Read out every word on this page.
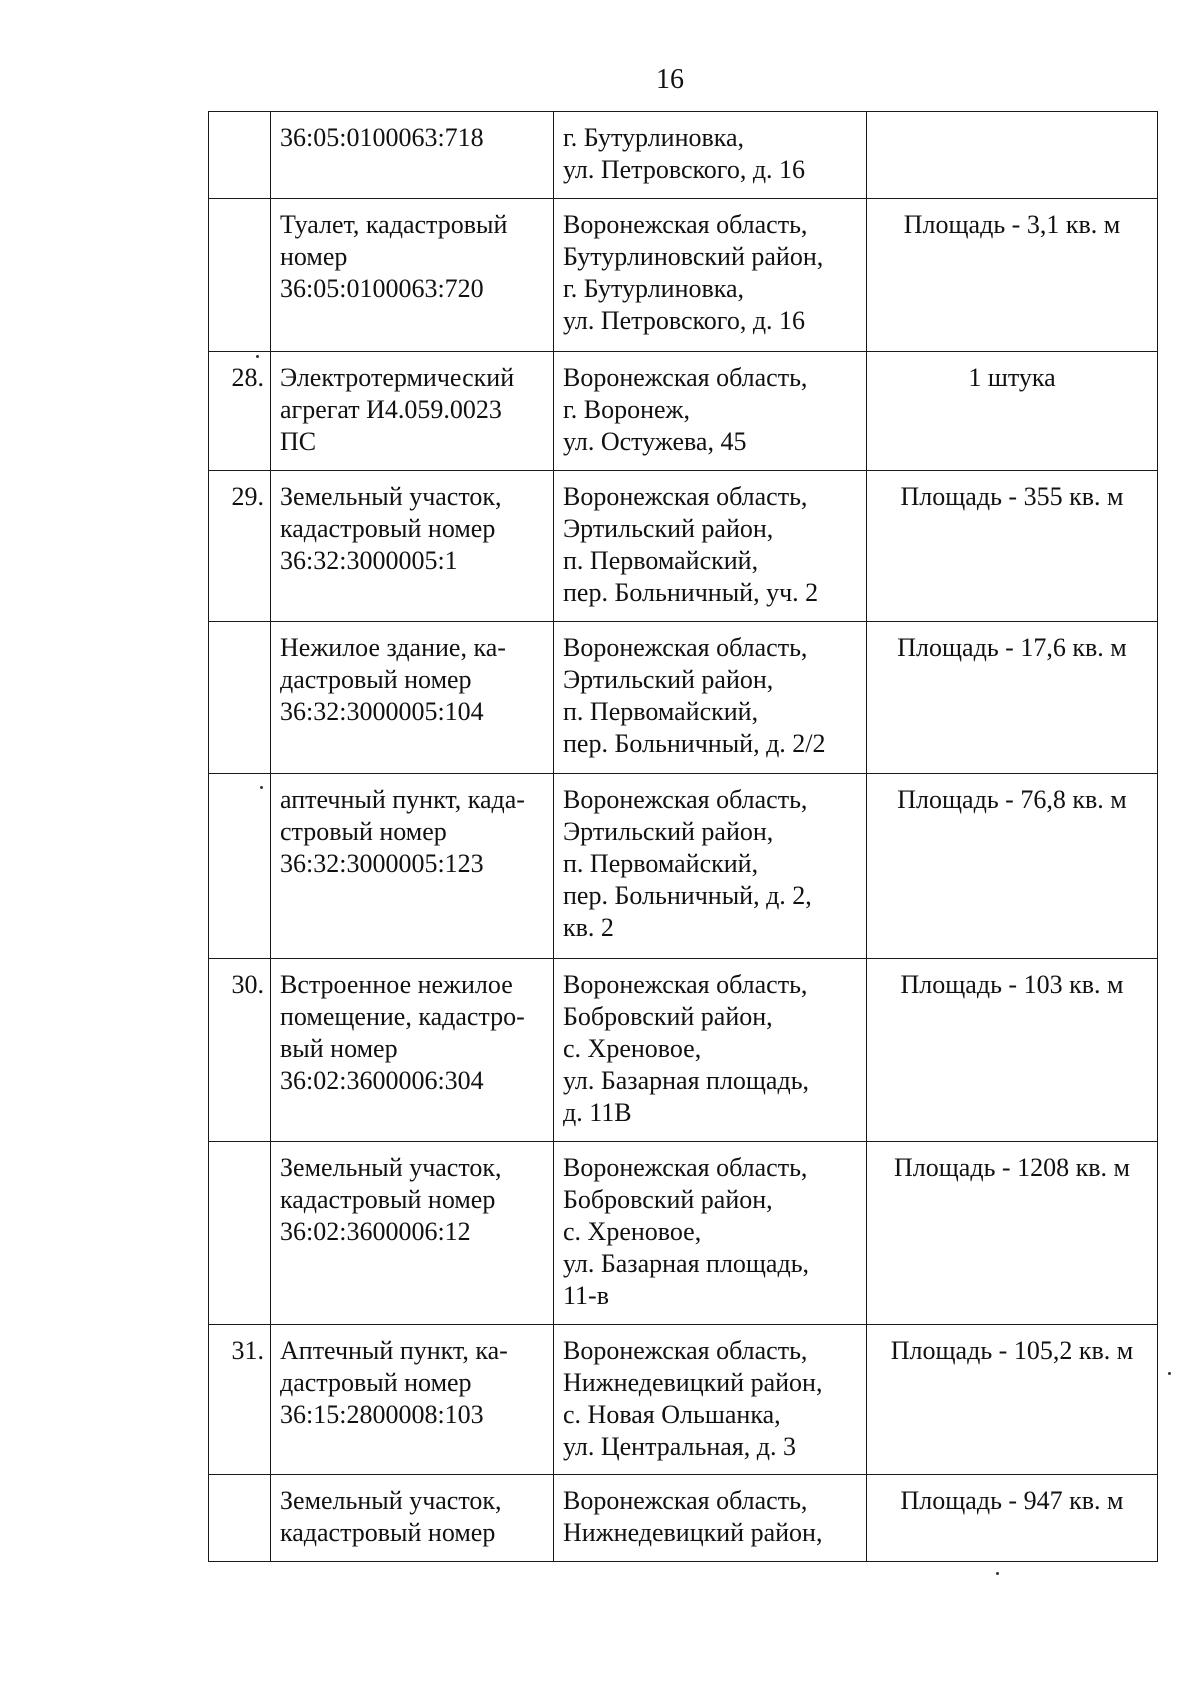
16
	36:05:0100063:718	г. Бутурлиновка,
ул. Петровского, д. 16	
	Туалет, кадастровый
номер
36:05:0100063:720	Воронежская область,
Бутурлиновский район,
г. Бутурлиновка,
ул. Петровского, д. 16	Площадь - 3,1 кв. м
28.	Электротермический
агрегат И4.059.0023
ПС	Воронежская область,
г. Воронеж,
ул. Остужева, 45	1 штука
29.	Земельный участок,
кадастровый номер
36:32:3000005:1	Воронежская область,
Эртильский район,
п. Первомайский,
пер. Больничный, уч. 2	Площадь - 355 кв. м
	Нежилое здание, ка-
дастровый номер
36:32:3000005:104	Воронежская область,
Эртильский район,
п. Первомайский,
пер. Больничный, д. 2/2	Площадь - 17,6 кв. м
	аптечный пункт, када-
стровый номер
36:32:3000005:123	Воронежская область,
Эртильский район,
п. Первомайский,
пер. Больничный, д. 2,
кв. 2	Площадь - 76,8 кв. м
30.	Встроенное нежилое
помещение, кадастро-
вый номер
36:02:3600006:304	Воронежская область,
Бобровский район,
с. Хреновое,
ул. Базарная площадь,
д. 11В	Площадь - 103 кв. м
	Земельный участок,
кадастровый номер
36:02:3600006:12	Воронежская область,
Бобровский район,
с. Хреновое,
ул. Базарная площадь,
11-в	Площадь - 1208 кв. м
31.	Аптечный пункт, ка-
дастровый номер
36:15:2800008:103	Воронежская область,
Нижнедевицкий район,
с. Новая Ольшанка,
ул. Центральная, д. 3	Площадь - 105,2 кв. м
	Земельный участок,
кадастровый номер	Воронежская область,
Нижнедевицкий район,	Площадь - 947 кв. м
